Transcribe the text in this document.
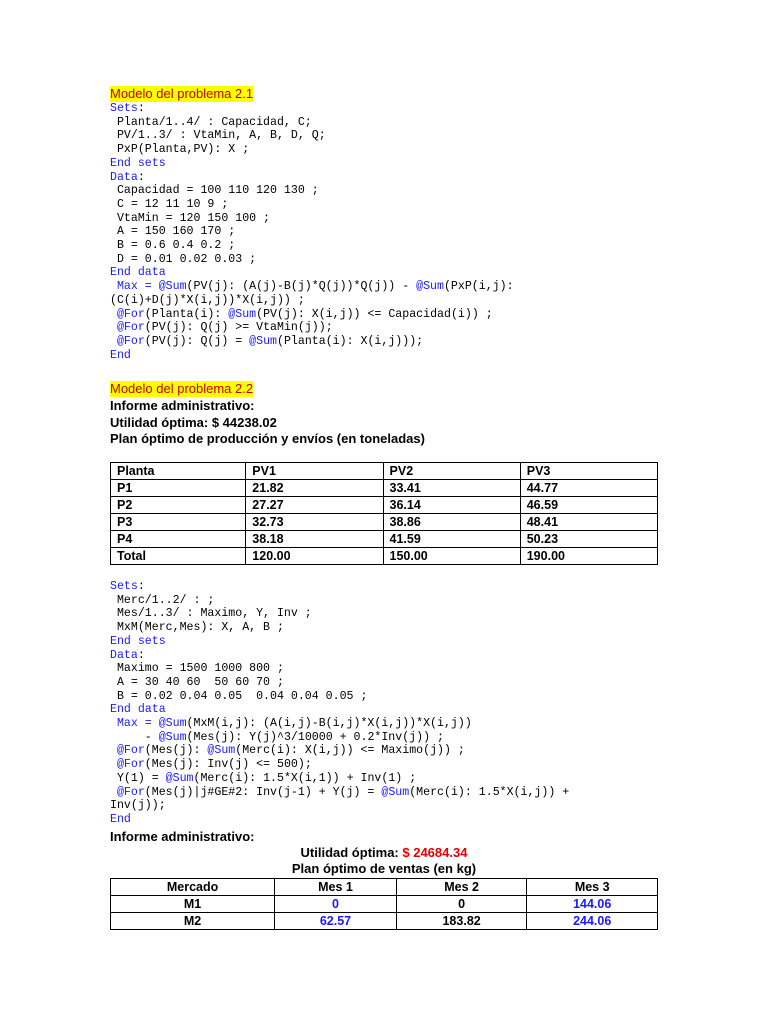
Modelo del problema 2.1
Sets:
Planta/1..4/ : Capacidad, C;
PV/1..3/ : VtaMin, A, B, D, Q;
PxP(Planta,PV): X ;
End sets
Data:
Capacidad = 100 110 120 130 ;
C = 12 11 10 9 ;
VtaMin = 120 150 100 ;
A = 150 160 170 ;
B = 0.6 0.4 0.2 ;
D = 0.01 0.02 0.03 ;
End data
Max = @Sum(PV(j): (A(j)-B(j)*Q(j))*Q(j)) - @Sum(PxP(i,j):
(C(i)+D(j)*X(i,j))*X(i,j)) ;
@For(Planta(i): @Sum(PV(j): X(i,j)) <= Capacidad(i)) ;
@For(PV(j): Q(j) >= VtaMin(j));
@For(PV(j): Q(j) = @Sum(Planta(i): X(i,j)));
End
Modelo del problema 2.2
Informe administrativo:
Utilidad óptima: $ 44238.02
Plan óptimo de producción y envíos (en toneladas)
Planta	PV1	PV2	PV3
P1	21.82	33.41	44.77
P2	27.27	36.14	46.59
P3	32.73	38.86	48.41
P4	38.18	41.59	50.23
Total	120.00	150.00	190.00
Sets:
Merc/1..2/ : ;
Mes/1..3/ : Maximo, Y, Inv ;
MxM(Merc,Mes): X, A, B ;
End sets
Data:
Maximo = 1500 1000 800 ;
A = 30 40 60  50 60 70 ;
B = 0.02 0.04 0.05  0.04 0.04 0.05 ;
End data
Max = @Sum(MxM(i,j): (A(i,j)-B(i,j)*X(i,j))*X(i,j))
- @Sum(Mes(j): Y(j)^3/10000 + 0.2*Inv(j)) ;
@For(Mes(j): @Sum(Merc(i): X(i,j)) <= Maximo(j)) ;
@For(Mes(j): Inv(j) <= 500);
Y(1) = @Sum(Merc(i): 1.5*X(i,1)) + Inv(1) ;
@For(Mes(j)|j#GE#2: Inv(j-1) + Y(j) = @Sum(Merc(i): 1.5*X(i,j)) +
Inv(j));
End
Informe administrativo:
Utilidad óptima: $ 24684.34
Plan óptimo de ventas (en kg)
Mercado	Mes 1	Mes 2	Mes 3
M1	0	0	144.06
M2	62.57	183.82	244.06
